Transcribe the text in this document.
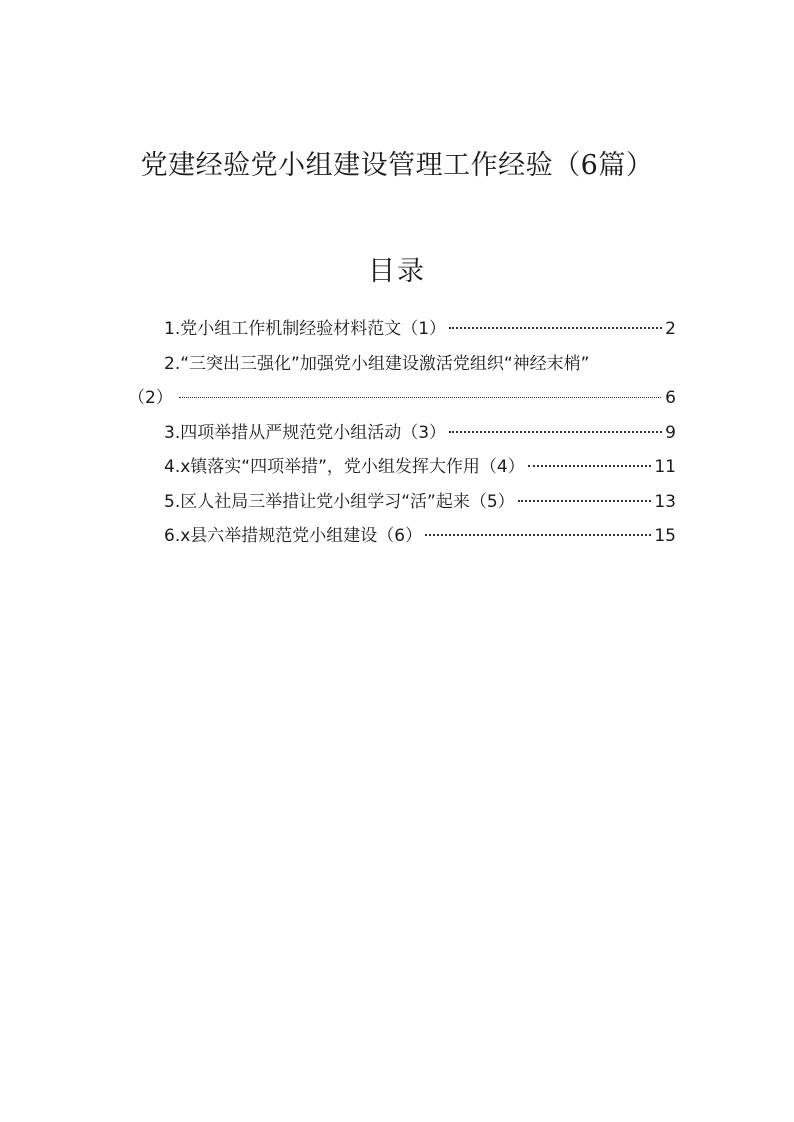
党建经验党小组建设管理工作经验（6篇）
目录
1.党小组工作机制经验材料范文（1）	2
2.“三突出三强化”加强党小组建设激活党组织“神经末梢”
（2）	6
3.四项举措从严规范党小组活动（3）	9
4.x镇落实“四项举措”，党小组发挥大作用（4）	11
5.区人社局三举措让党小组学习“活”起来（5）	13
6.x县六举措规范党小组建设（6）	15
